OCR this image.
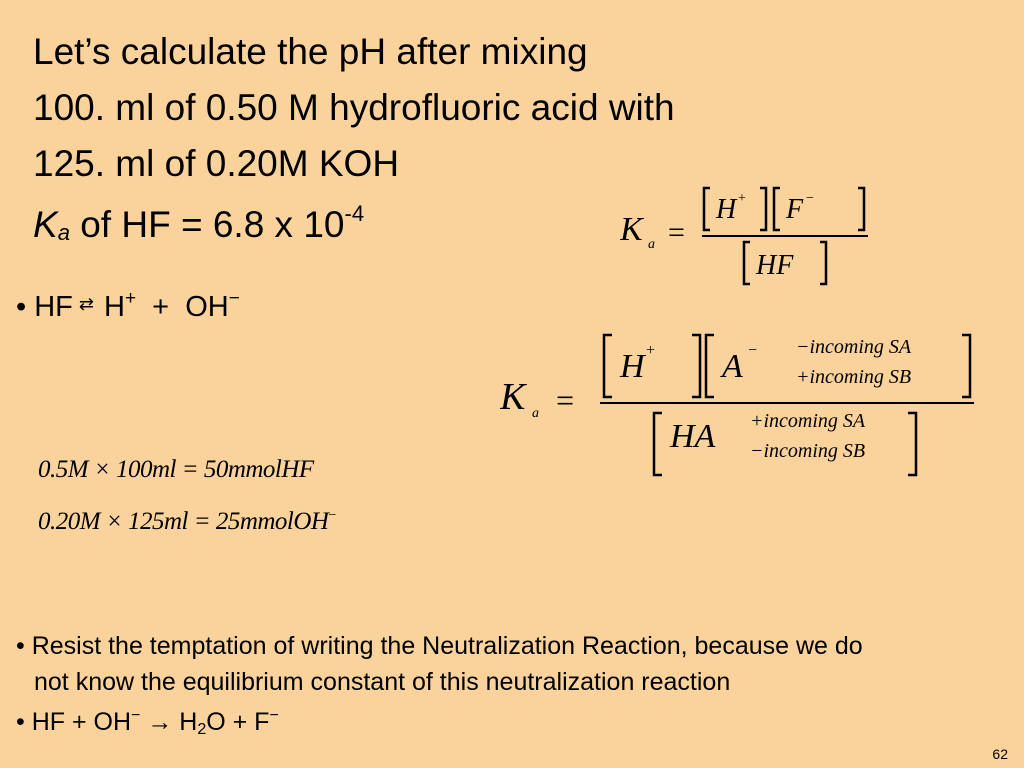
Let’s calculate the pH after mixing
100. ml of 0.50 M hydrofluoric acid with
125. ml of 0.20M KOH
$K_a$ of HF = 6.8 x $10^{-4}$
• HF ⇄ H+ + OH−
K a =
H + F −
HF
K a =
H + A − −incoming SA
+incoming SB
HA +incoming SA
−incoming SB
0.5M × 100ml = 50mmolHF
0.20M × 125ml = 25mmolOH−
• Resist the temptation of writing the Neutralization Reaction, because we do
not know the equilibrium constant of this neutralization reaction
• HF + $OH^- \to H_2O + F^-$
62
